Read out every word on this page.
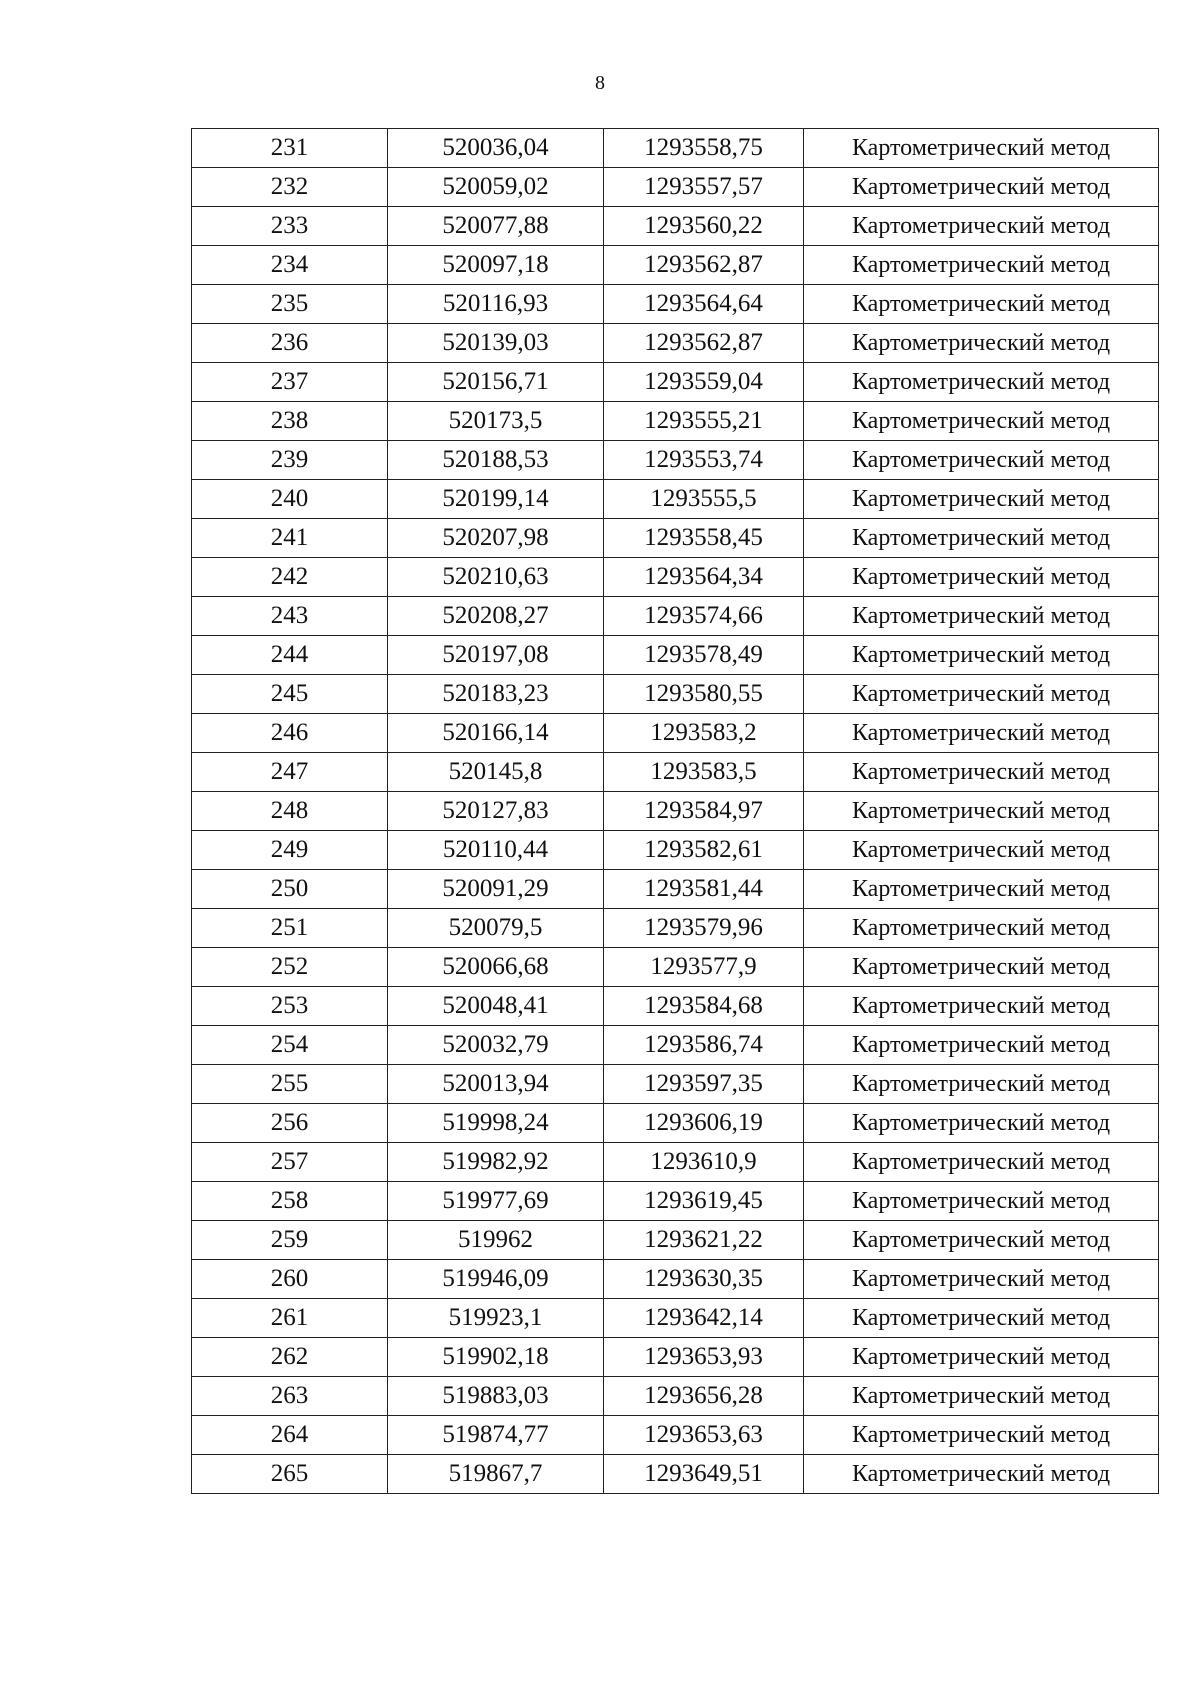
8
231	520036,04	1293558,75	Картометрический метод
232	520059,02	1293557,57	Картометрический метод
233	520077,88	1293560,22	Картометрический метод
234	520097,18	1293562,87	Картометрический метод
235	520116,93	1293564,64	Картометрический метод
236	520139,03	1293562,87	Картометрический метод
237	520156,71	1293559,04	Картометрический метод
238	520173,5	1293555,21	Картометрический метод
239	520188,53	1293553,74	Картометрический метод
240	520199,14	1293555,5	Картометрический метод
241	520207,98	1293558,45	Картометрический метод
242	520210,63	1293564,34	Картометрический метод
243	520208,27	1293574,66	Картометрический метод
244	520197,08	1293578,49	Картометрический метод
245	520183,23	1293580,55	Картометрический метод
246	520166,14	1293583,2	Картометрический метод
247	520145,8	1293583,5	Картометрический метод
248	520127,83	1293584,97	Картометрический метод
249	520110,44	1293582,61	Картометрический метод
250	520091,29	1293581,44	Картометрический метод
251	520079,5	1293579,96	Картометрический метод
252	520066,68	1293577,9	Картометрический метод
253	520048,41	1293584,68	Картометрический метод
254	520032,79	1293586,74	Картометрический метод
255	520013,94	1293597,35	Картометрический метод
256	519998,24	1293606,19	Картометрический метод
257	519982,92	1293610,9	Картометрический метод
258	519977,69	1293619,45	Картометрический метод
259	519962	1293621,22	Картометрический метод
260	519946,09	1293630,35	Картометрический метод
261	519923,1	1293642,14	Картометрический метод
262	519902,18	1293653,93	Картометрический метод
263	519883,03	1293656,28	Картометрический метод
264	519874,77	1293653,63	Картометрический метод
265	519867,7	1293649,51	Картометрический метод
